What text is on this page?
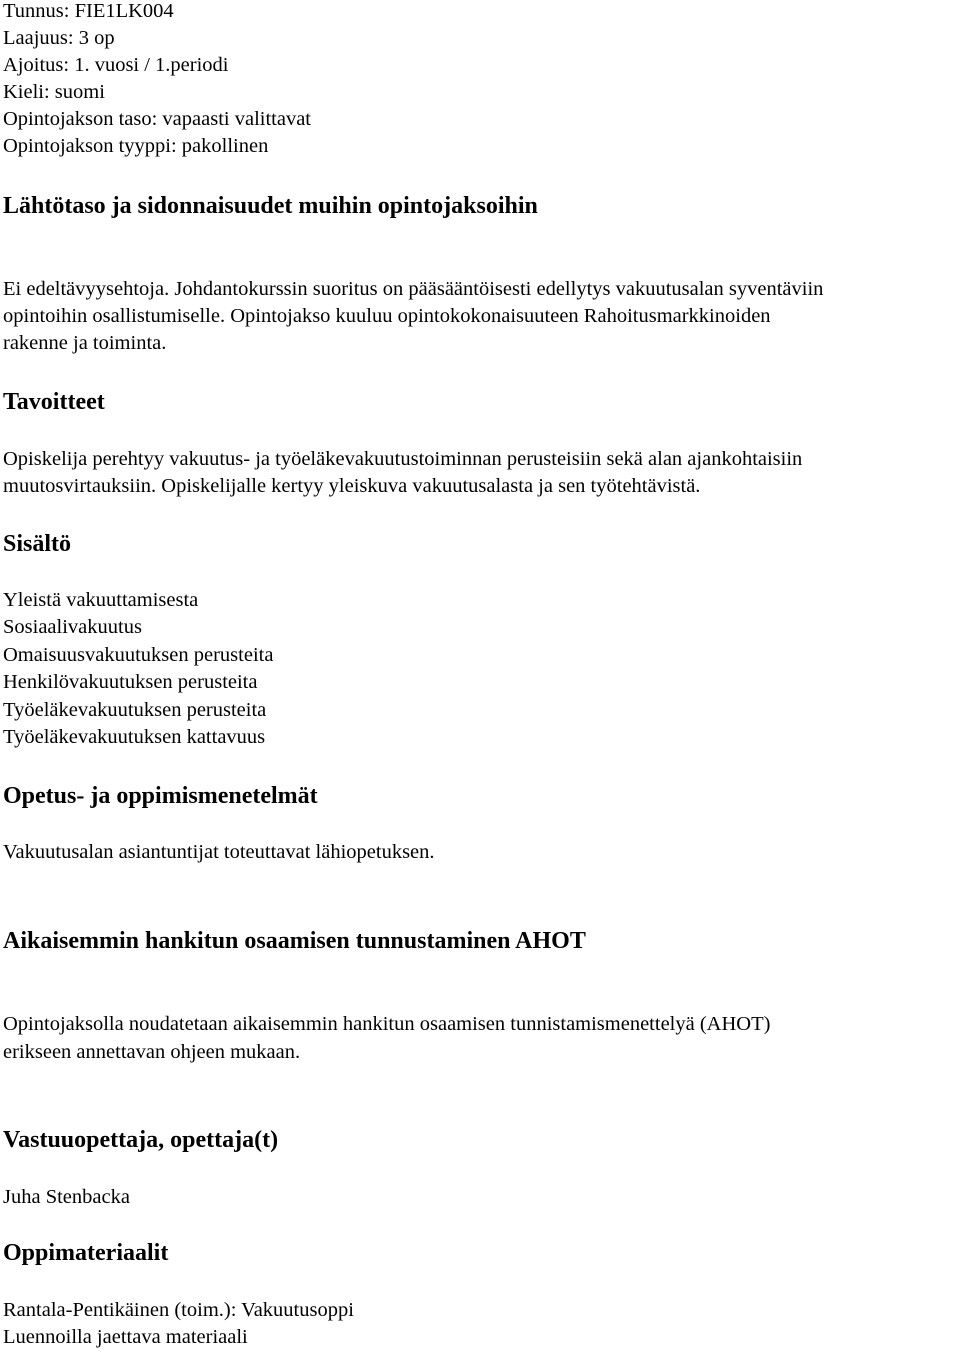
Tunnus: FIE1LK004
Laajuus: 3 op
Ajoitus: 1. vuosi / 1.periodi
Kieli: suomi
Opintojakson taso: vapaasti valittavat
Opintojakson tyyppi: pakollinen
Lähtötaso ja sidonnaisuudet muihin opintojaksoihin
Ei edeltävyysehtoja. Johdantokurssin suoritus on pääsääntöisesti edellytys vakuutusalan syventäviin
opintoihin osallistumiselle. Opintojakso kuuluu opintokokonaisuuteen Rahoitusmarkkinoiden
rakenne ja toiminta.
Tavoitteet
Opiskelija perehtyy vakuutus- ja työeläkevakuutustoiminnan perusteisiin sekä alan ajankohtaisiin
muutosvirtauksiin. Opiskelijalle kertyy yleiskuva vakuutusalasta ja sen työtehtävistä.
Sisältö
Yleistä vakuuttamisesta
Sosiaalivakuutus
Omaisuusvakuutuksen perusteita
Henkilövakuutuksen perusteita
Työeläkevakuutuksen perusteita
Työeläkevakuutuksen kattavuus
Opetus- ja oppimismenetelmät
Vakuutusalan asiantuntijat toteuttavat lähiopetuksen.
Aikaisemmin hankitun osaamisen tunnustaminen AHOT
Opintojaksolla noudatetaan aikaisemmin hankitun osaamisen tunnistamismenettelyä (AHOT)
erikseen annettavan ohjeen mukaan.
Vastuuopettaja, opettaja(t)
Juha Stenbacka
Oppimateriaalit
Rantala-Pentikäinen (toim.): Vakuutusoppi
Luennoilla jaettava materiaali
